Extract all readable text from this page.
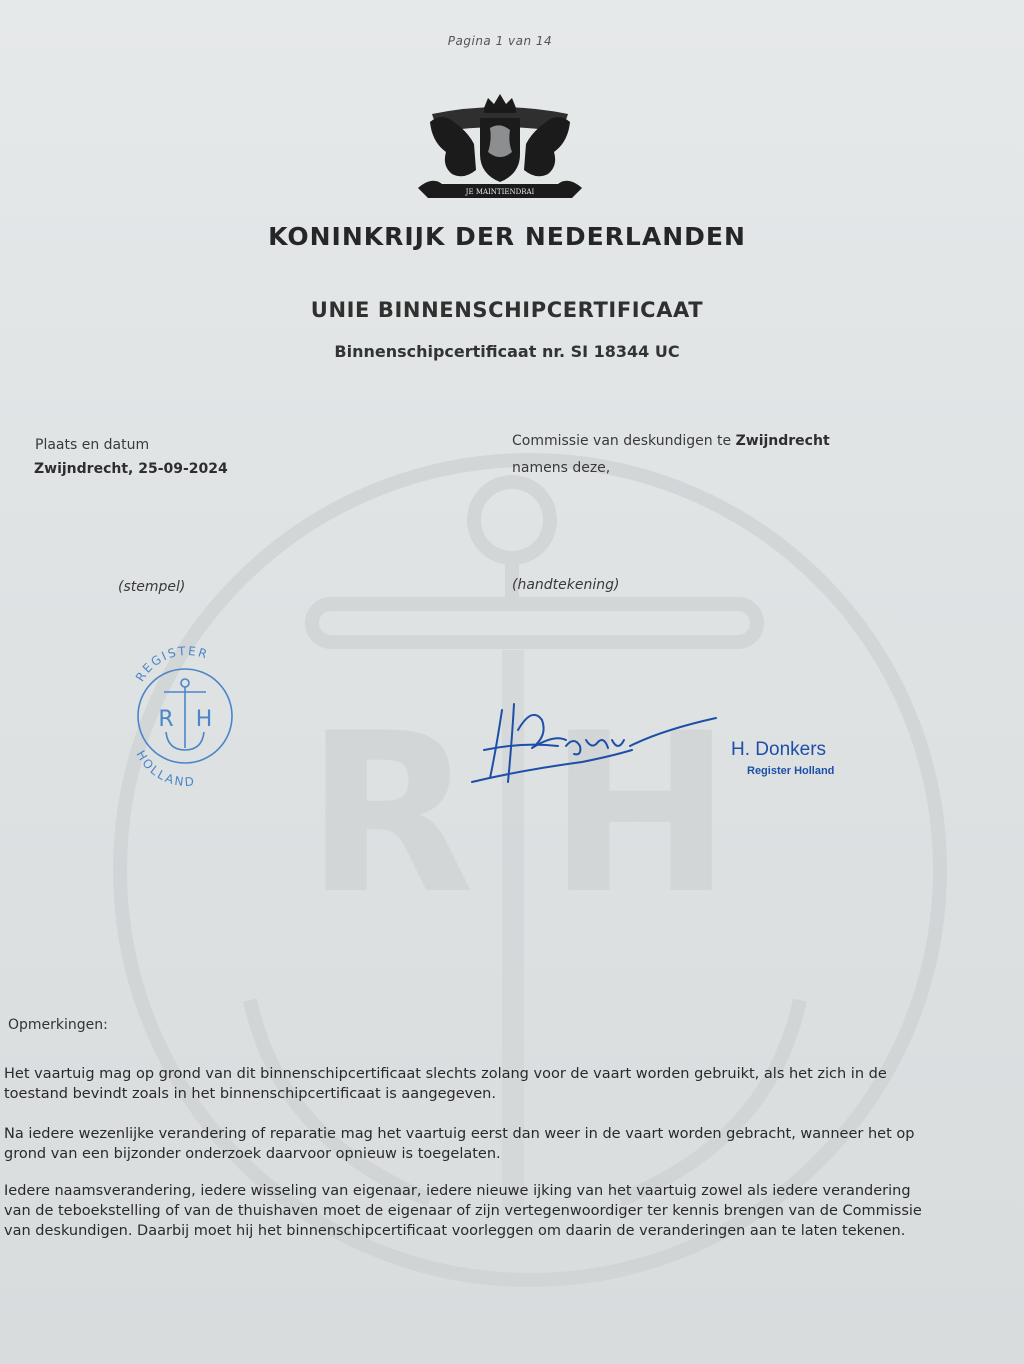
R H
Pagina 1 van 14
JE MAINTIENDRAI
KONINKRIJK DER NEDERLANDEN
UNIE BINNENSCHIPCERTIFICAAT
Binnenschipcertificaat nr. SI 18344 UC
Plaats en datum
Zwijndrecht, 25-09-2024
Commissie van deskundigen te Zwijndrecht
namens deze,
(stempel)	(handtekening)
REGISTER
HOLLAND
R H
H. Donkers
Register Holland
Opmerkingen:
Het vaartuig mag op grond van dit binnenschipcertificaat slechts zolang voor de vaart worden gebruikt, als het zich in de
toestand bevindt zoals in het binnenschipcertificaat is aangegeven.
Na iedere wezenlijke verandering of reparatie mag het vaartuig eerst dan weer in de vaart worden gebracht, wanneer het op
grond van een bijzonder onderzoek daarvoor opnieuw is toegelaten.
Iedere naamsverandering, iedere wisseling van eigenaar, iedere nieuwe ijking van het vaartuig zowel als iedere verandering
van de teboekstelling of van de thuishaven moet de eigenaar of zijn vertegenwoordiger ter kennis brengen van de Commissie
van deskundigen. Daarbij moet hij het binnenschipcertificaat voorleggen om daarin de veranderingen aan te laten tekenen.
